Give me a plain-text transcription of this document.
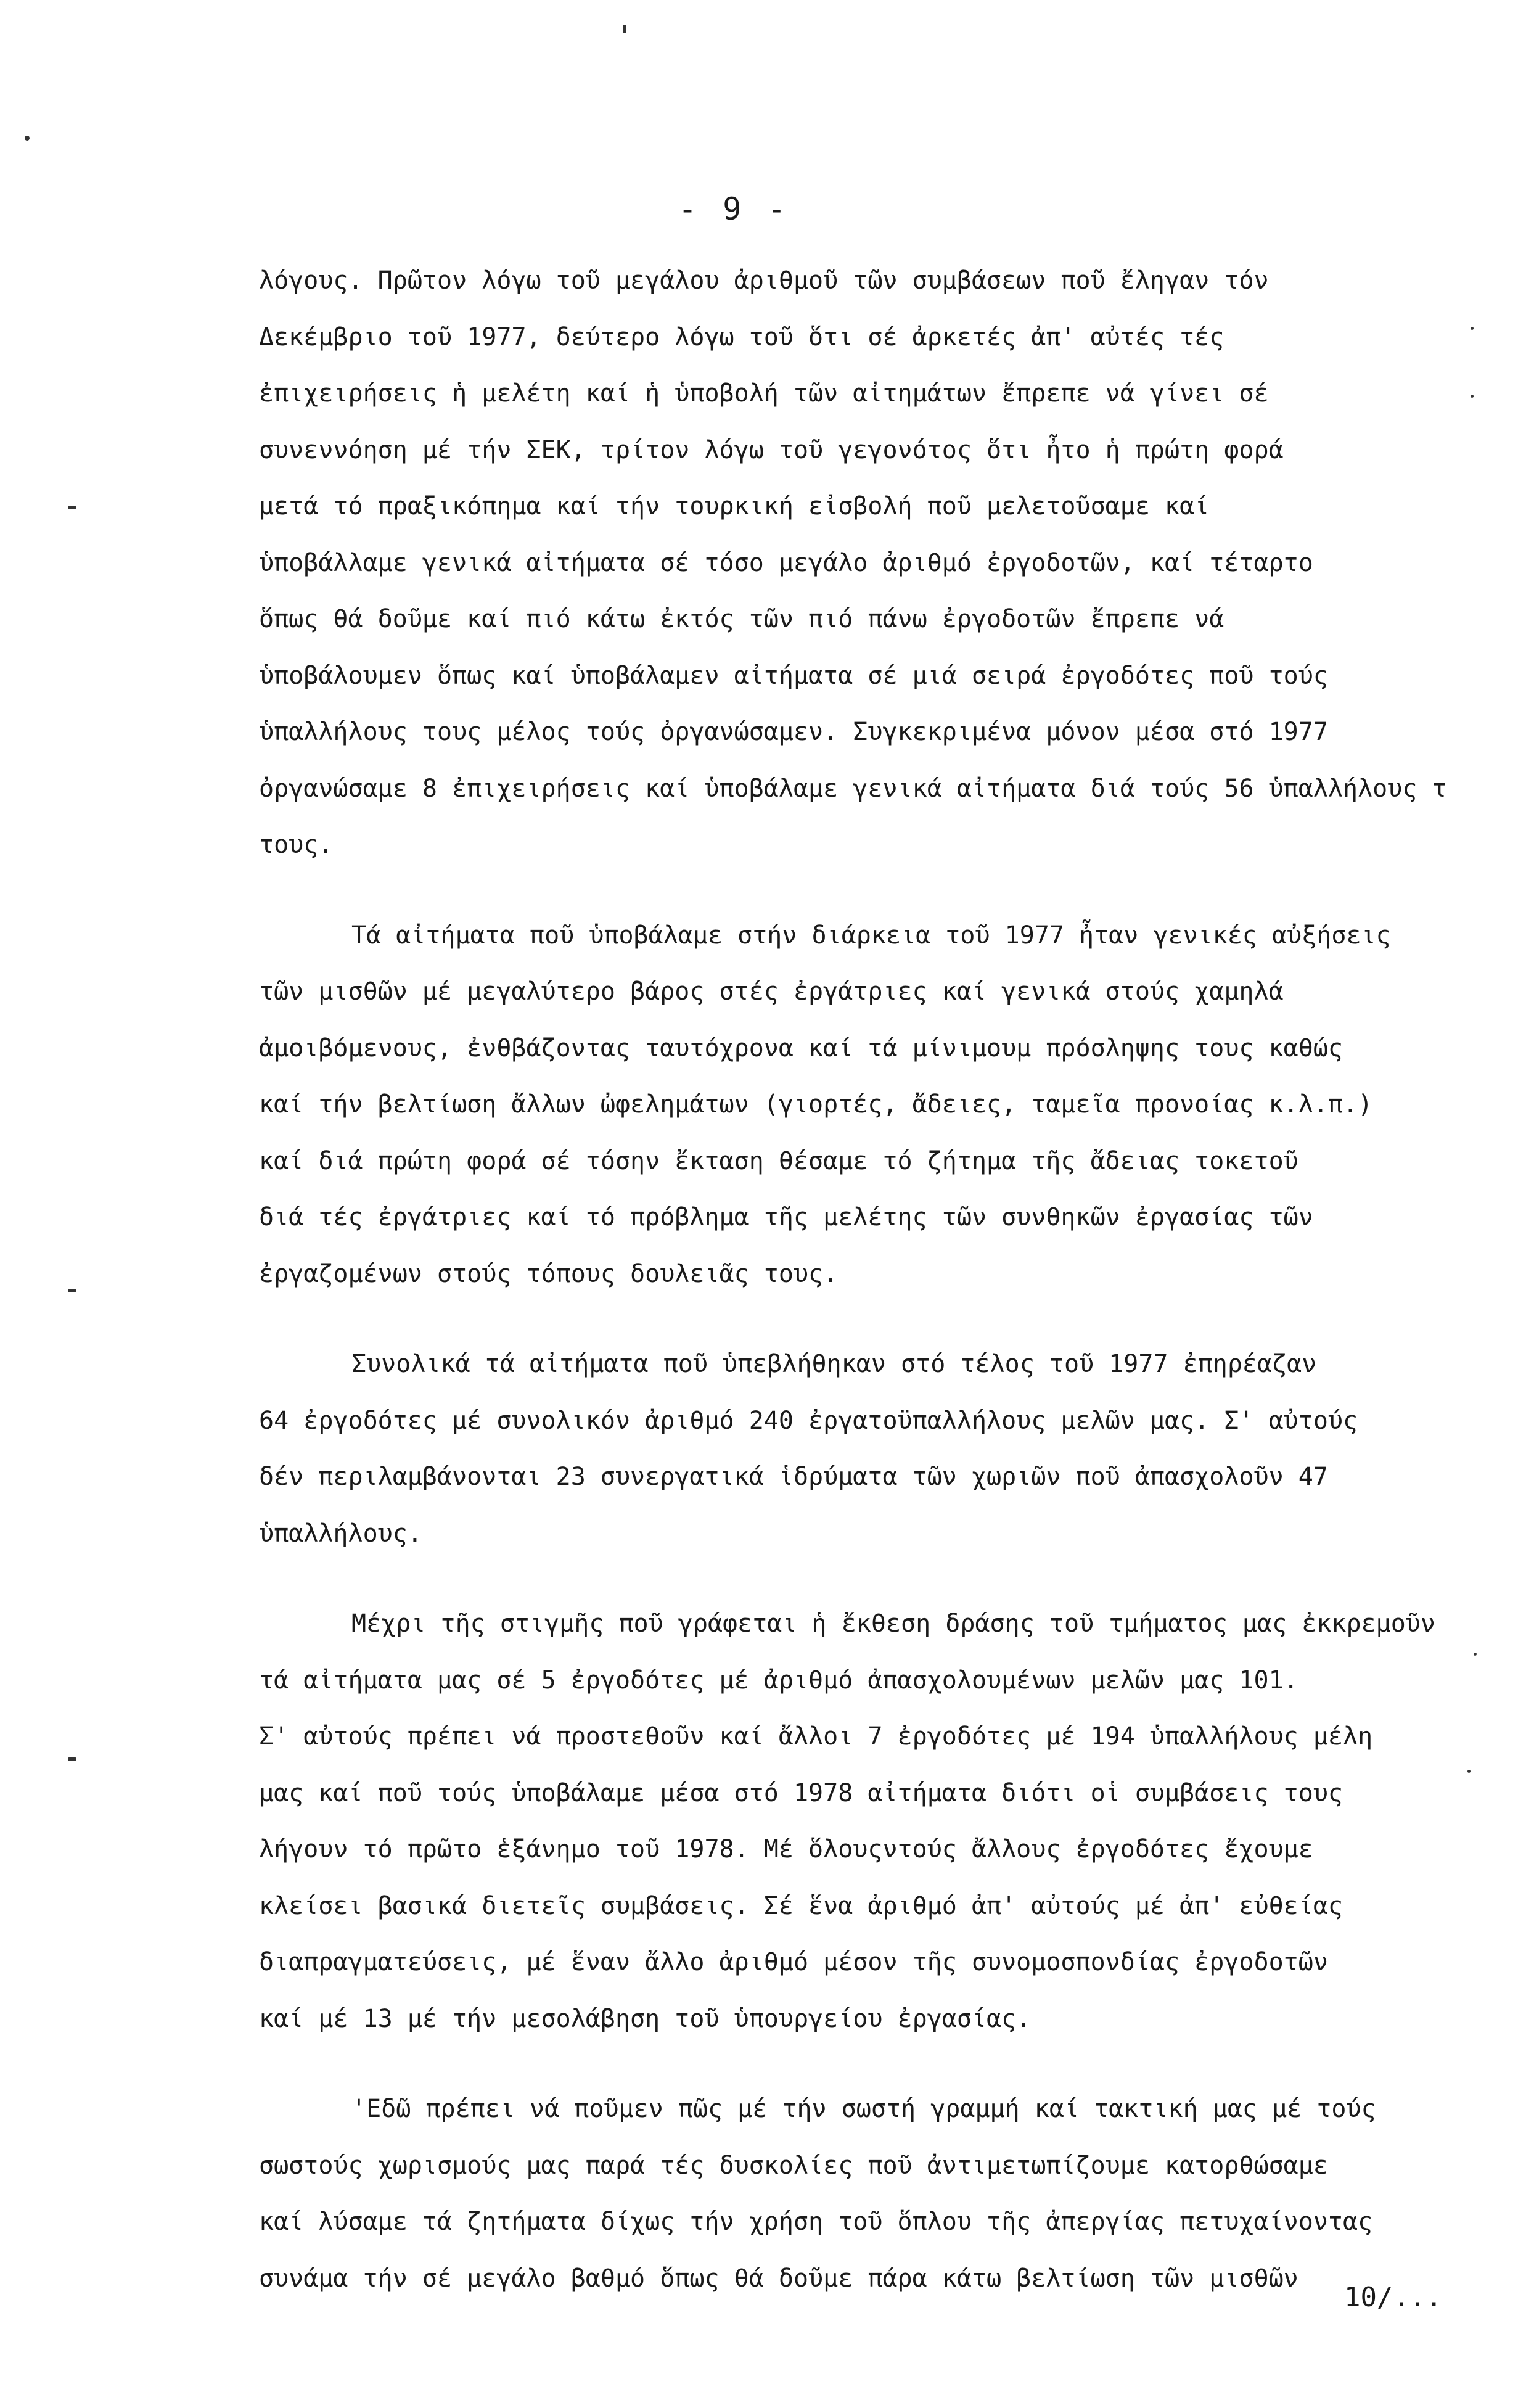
- 9 -
λόγους. Πρῶτον λόγω τοῦ μεγάλου ἀριθμοῦ τῶν συμβάσεων ποῦ ἔληγαν τόν
Δεκέμβριο τοῦ 1977, δεύτερο λόγω τοῦ ὅτι σέ ἀρκετές ἀπ' αὐτές τές
ἐπιχειρήσεις ἡ μελέτη καί ἡ ὑποβολή τῶν αἰτημάτων ἔπρεπε νά γίνει σέ
συνεννόηση μέ τήν ΣΕΚ, τρίτον λόγω τοῦ γεγονότος ὅτι ἦτο ἡ πρώτη φορά
μετά τό πραξικόπημα καί τήν τουρκική εἰσβολή ποῦ μελετοῦσαμε καί
ὑποβάλλαμε γενικά αἰτήματα σέ τόσο μεγάλο ἀριθμό ἐργοδοτῶν, καί τέταρτο
ὅπως θά δοῦμε καί πιό κάτω ἐκτός τῶν πιό πάνω ἐργοδοτῶν ἔπρεπε νά
ὑποβάλουμεν ὅπως καί ὑποβάλαμεν αἰτήματα σέ μιά σειρά ἐργοδότες ποῦ τούς
ὑπαλλήλους τους μέλος τούς ὀργανώσαμεν. Συγκεκριμένα μόνον μέσα στό 1977
ὀργανώσαμε 8 ἐπιχειρήσεις καί ὑποβάλαμε γενικά αἰτήματα διά τούς 56 ὑπαλλήλους τ
τους.
Τά αἰτήματα ποῦ ὑποβάλαμε στήν διάρκεια τοῦ 1977 ἦταν γενικές αὐξήσεις
τῶν μισθῶν μέ μεγαλύτερο βάρος στές ἐργάτριες καί γενικά στούς χαμηλά
ἀμοιβόμενους, ἐνθβάζοντας ταυτόχρονα καί τά μίνιμουμ πρόσληψης τους καθώς
καί τήν βελτίωση ἄλλων ὠφελημάτων (γιορτές, ἄδειες, ταμεῖα προνοίας κ.λ.π.)
καί διά πρώτη φορά σέ τόσην ἔκταση θέσαμε τό ζήτημα τῆς ἄδειας τοκετοῦ
διά τές ἐργάτριες καί τό πρόβλημα τῆς μελέτης τῶν συνθηκῶν ἐργασίας τῶν
ἐργαζομένων στούς τόπους δουλειᾶς τους.
Συνολικά τά αἰτήματα ποῦ ὑπεβλήθηκαν στό τέλος τοῦ 1977 ἐπηρέαζαν
64 ἐργοδότες μέ συνολικόν ἀριθμό 240 ἐργατοϋπαλλήλους μελῶν μας. Σ' αὐτούς
δέν περιλαμβάνονται 23 συνεργατικά ἱδρύματα τῶν χωριῶν ποῦ ἀπασχολοῦν 47
ὑπαλλήλους.
Μέχρι τῆς στιγμῆς ποῦ γράφεται ἡ ἔκθεση δράσης τοῦ τμήματος μας ἐκκρεμοῦν
τά αἰτήματα μας σέ 5 ἐργοδότες μέ ἀριθμό ἀπασχολουμένων μελῶν μας 101.
Σ' αὐτούς πρέπει νά προστεθοῦν καί ἄλλοι 7 ἐργοδότες μέ 194 ὑπαλλήλους μέλη
μας καί ποῦ τούς ὑποβάλαμε μέσα στό 1978 αἰτήματα διότι οἱ συμβάσεις τους
λήγουν τό πρῶτο ἑξάνημο τοῦ 1978. Μέ ὅλουςντούς ἄλλους ἐργοδότες ἔχουμε
κλείσει βασικά διετεῖς συμβάσεις. Σέ ἕνα ἀριθμό ἀπ' αὐτούς μέ ἀπ' εὐθείας
διαπραγματεύσεις, μέ ἕναν ἄλλο ἀριθμό μέσον τῆς συνομοσπονδίας ἐργοδοτῶν
καί μέ 13 μέ τήν μεσολάβηση τοῦ ὑπουργείου ἐργασίας.
'Εδῶ πρέπει νά ποῦμεν πῶς μέ τήν σωστή γραμμή καί τακτική μας μέ τούς
σωστούς χωρισμούς μας παρά τές δυσκολίες ποῦ ἀντιμετωπίζουμε κατορθώσαμε
καί λύσαμε τά ζητήματα δίχως τήν χρήση τοῦ ὅπλου τῆς ἀπεργίας πετυχαίνοντας
συνάμα τήν σέ μεγάλο βαθμό ὅπως θά δοῦμε πάρα κάτω βελτίωση τῶν μισθῶν
10/...
